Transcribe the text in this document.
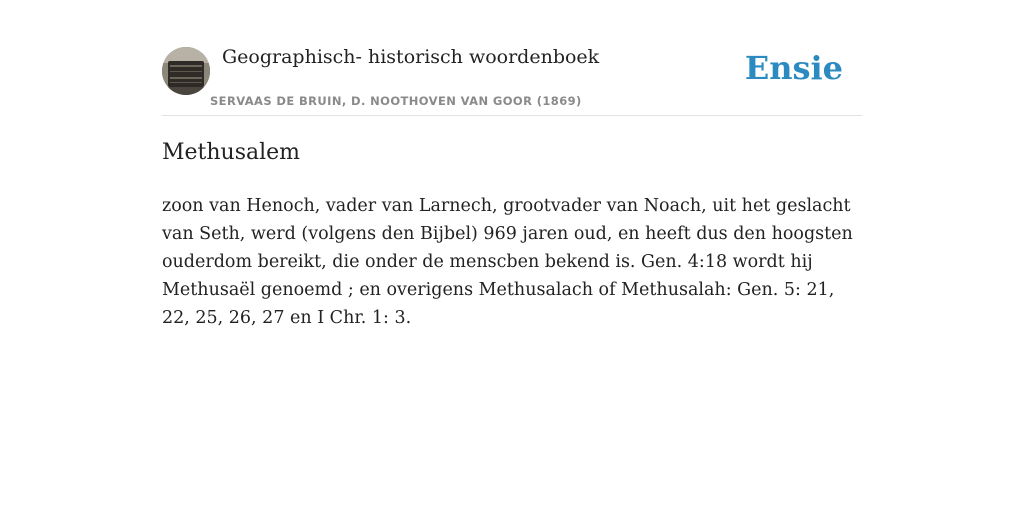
Geographisch- historisch woordenboek
SERVAAS DE BRUIN, D. NOOTHOVEN VAN GOOR (1869)
Ensie
Methusalem

zoon van Henoch, vader van Larnech, grootvader van Noach, uit het geslacht van Seth, werd (volgens den Bijbel) 969 jaren oud, en heeft dus den hoogsten ouderdom bereikt, die onder de menscben bekend is. Gen. 4:18 wordt hij Methusaël genoemd ; en overigens Methusalach of Methusalah: Gen. 5: 21, 22, 25, 26, 27 en I Chr. 1: 3.
